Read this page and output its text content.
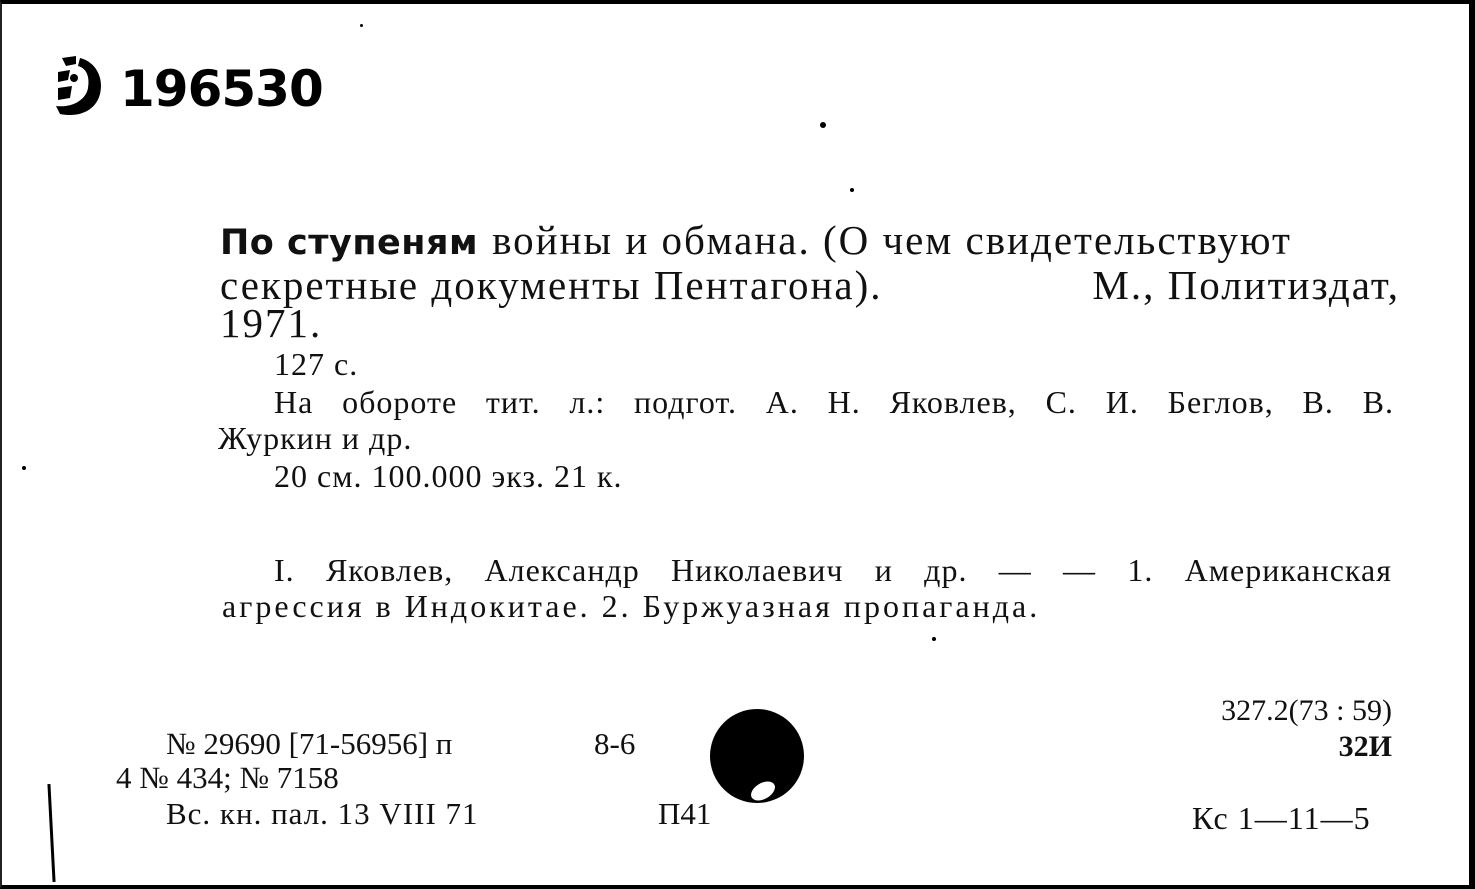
196530
По ступеням войны и обмана. (О чем свидетельствуют
секретные документы Пентагона).	М., Политиздат,
1971.
127 с.
На обороте тит. л.: подгот. А. Н. Яковлев, С. И. Беглов, В. В.
Журкин и др.
20 см. 100.000 экз. 21 к.
I. Яковлев, Александр Николаевич и др. — — 1. Американская
агрессия в Индокитае. 2. Буржуазная пропаганда.
327.2(73 : 59)
32И
№ 29690 [71-56956] п	8-6
4 № 434; № 7158
Вс. кн. пал. 13 VIII 71	П41	Кс 1—11—5
